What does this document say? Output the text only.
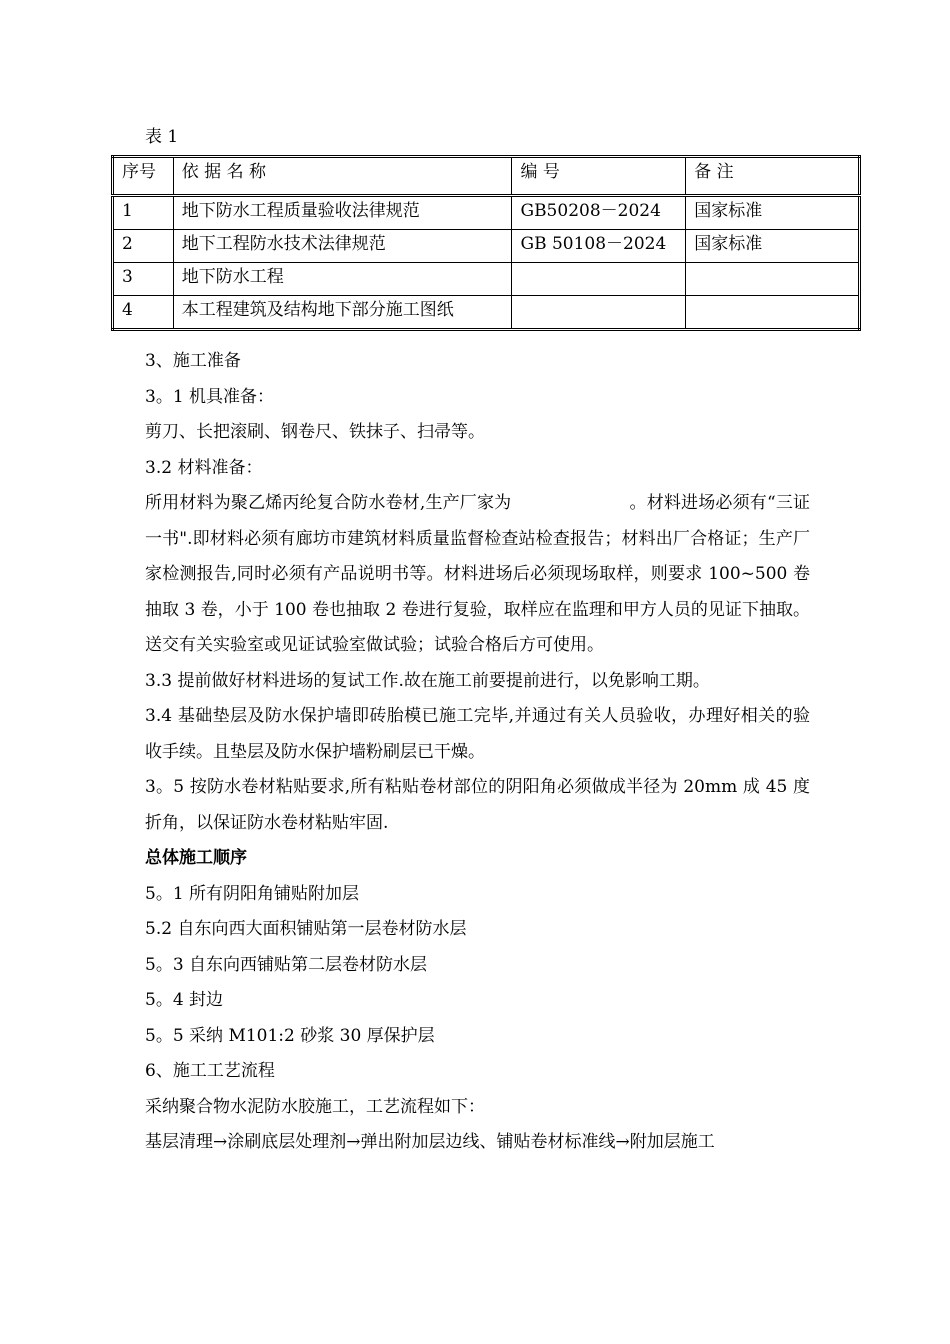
表 1
序号	依 据 名 称	编 号	备 注
1	地下防水工程质量验收法律规范	GB50208－2024	国家标准
2	地下工程防水技术法律规范	GB 50108－2024	国家标准
3	地下防水工程		
4	本工程建筑及结构地下部分施工图纸		

3、施工准备

3。1 机具准备：

剪刀、长把滚刷、钢卷尺、铁抹子、扫帚等。

3.2 材料准备：

所用材料为聚乙烯丙纶复合防水卷材,生产厂家为	。材料进场必须有“三证一书".即材料必须有廊坊市建筑材料质量监督检查站检查报告；材料出厂合格证；生产厂家检测报告,同时必须有产品说明书等。材料进场后必须现场取样，则要求 100~500 卷抽取 3 卷，小于 100 卷也抽取 2 卷进行复验，取样应在监理和甲方人员的见证下抽取。送交有关实验室或见证试验室做试验；试验合格后方可使用。

3.3 提前做好材料进场的复试工作.故在施工前要提前进行，以免影响工期。

3.4 基础垫层及防水保护墙即砖胎模已施工完毕,并通过有关人员验收，办理好相关的验收手续。且垫层及防水保护墙粉刷层已干燥。

3。5 按防水卷材粘贴要求,所有粘贴卷材部位的阴阳角必须做成半径为 20mm 成 45 度折角，以保证防水卷材粘贴牢固.

总体施工顺序

5。1 所有阴阳角铺贴附加层

5.2 自东向西大面积铺贴第一层卷材防水层

5。3 自东向西铺贴第二层卷材防水层

5。4 封边

5。5 采纳 M101:2 砂浆 30 厚保护层

6、施工工艺流程

采纳聚合物水泥防水胶施工，工艺流程如下：

基层清理→涂刷底层处理剂→弹出附加层边线、铺贴卷材标准线→附加层施工
